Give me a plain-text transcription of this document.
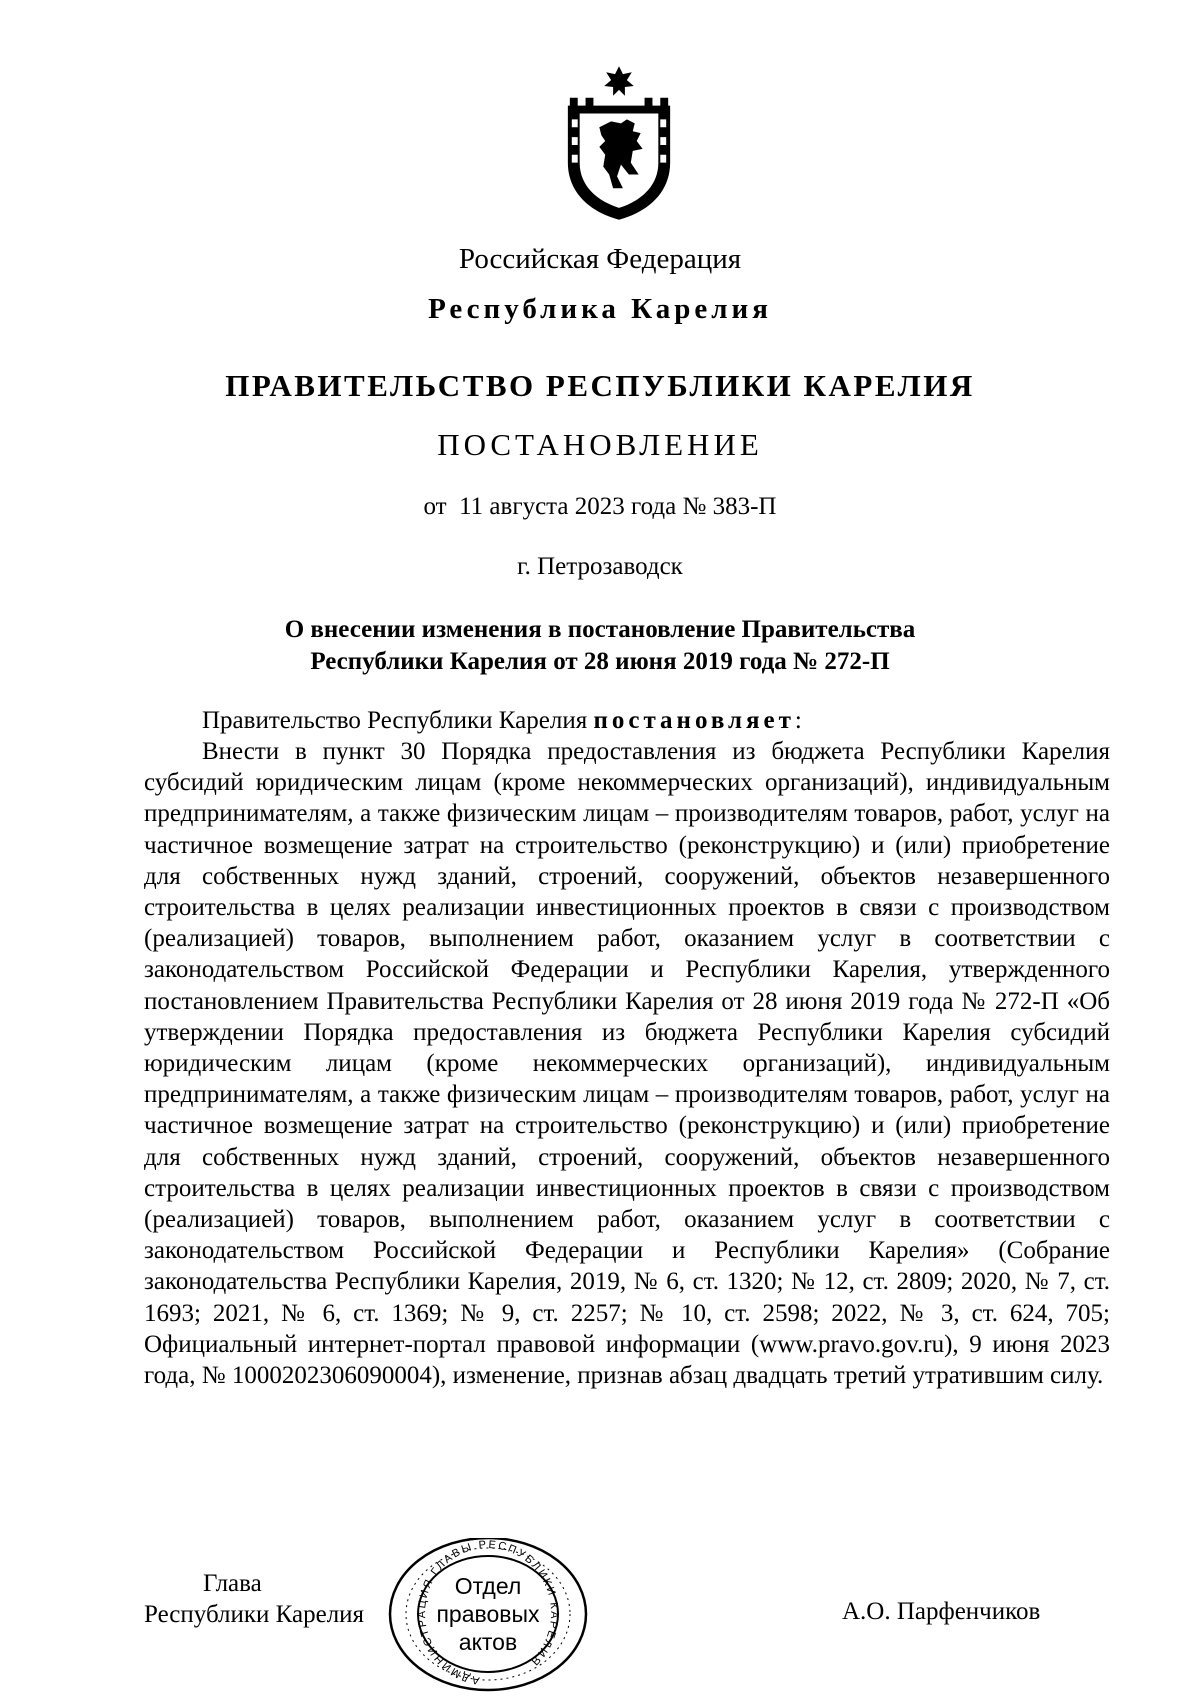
Российская Федерация
Республика Карелия
ПРАВИТЕЛЬСТВО РЕСПУБЛИКИ КАРЕЛИЯ
ПОСТАНОВЛЕНИЕ
от  11 августа 2023 года № 383-П
г. Петрозаводск
О внесении изменения в постановление Правительства
Республики Карелия от 28 июня 2019 года № 272-П

Правительство Республики Карелия постановляет:

Внести в пункт 30 Порядка предоставления из бюджета Республики Карелия субсидий юридическим лицам (кроме некоммерческих организаций), индивидуальным предпринимателям, а также физическим лицам – производителям товаров, работ, услуг на частичное возмещение затрат на строительство (реконструкцию) и (или) приобретение для собственных нужд зданий, строений, сооружений, объектов незавершенного строительства в целях реализации инвестиционных проектов в связи с производством (реализацией) товаров, выполнением работ, оказанием услуг в соответствии с законодательством Российской Федерации и Республики Карелия, утвержденного постановлением Правительства Республики Карелия от 28 июня 2019 года № 272-П «Об утверждении Порядка предоставления из бюджета Республики Карелия субсидий юридическим лицам (кроме некоммерческих организаций), индивидуальным предпринимателям, а также физическим лицам – производителям товаров, работ, услуг на частичное возмещение затрат на строительство (реконструкцию) и (или) приобретение для собственных нужд зданий, строений, сооружений, объектов незавершенного строительства в целях реализации инвестиционных проектов в связи с производством (реализацией) товаров, выполнением работ, оказанием услуг в соответствии с законодательством Российской Федерации и Республики Карелия» (Собрание законодательства Республики Карелия, 2019, № 6, ст. 1320; № 12, ст. 2809; 2020, № 7, ст. 1693; 2021, № 6, ст. 1369; № 9, ст. 2257; № 10, ст. 2598; 2022, № 3, ст. 624, 705; Официальный интернет-портал правовой информации (www.pravo.gov.ru), 9 июня 2023 года, № 1000202306090004), изменение, признав абзац двадцать третий утратившим силу.

Глава
Республики Карелия	А.О. Парфенчиков
АДМИНИСТРАЦИЯ ГЛАВЫ РЕСПУБЛИКИ КАРЕЛИЯ
Отдел
правовых
актов
